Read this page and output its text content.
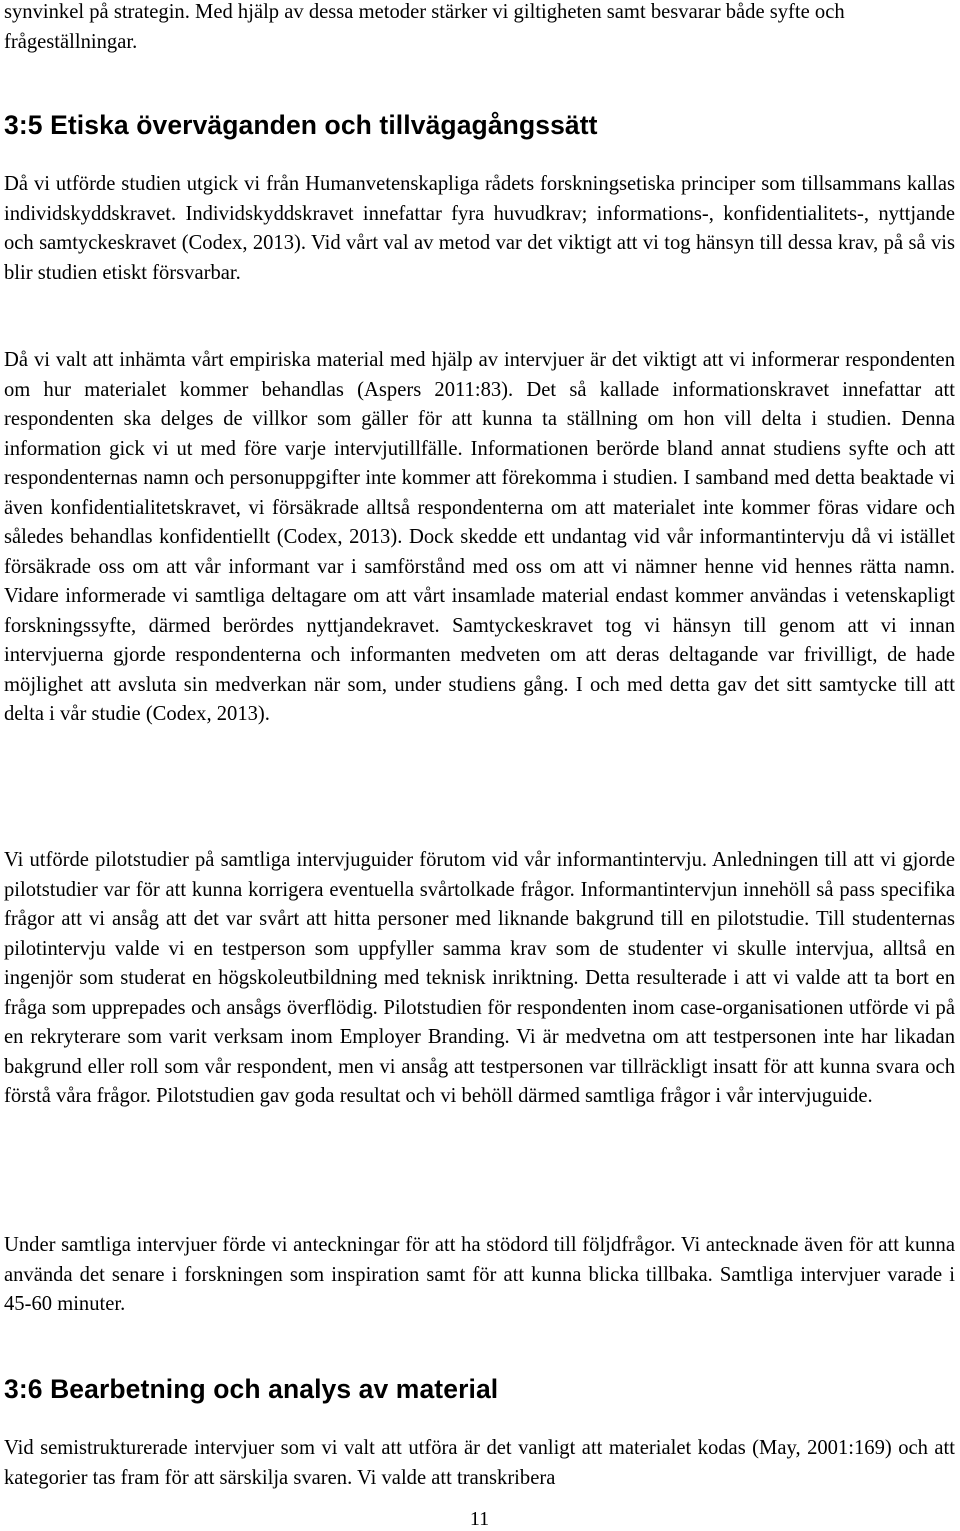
synvinkel på strategin. Med hjälp av dessa metoder stärker vi giltigheten samt besvarar både syfte och frågeställningar.

3:5 Etiska överväganden och tillvägagångssätt

Då vi utförde studien utgick vi från Humanvetenskapliga rådets forskningsetiska principer som tillsammans kallas individskyddskravet. Individskyddskravet innefattar fyra huvudkrav; informations-, konfidentialitets-, nyttjande och samtyckeskravet (Codex, 2013). Vid vårt val av metod var det viktigt att vi tog hänsyn till dessa krav, på så vis blir studien etiskt försvarbar.

Då vi valt att inhämta vårt empiriska material med hjälp av intervjuer är det viktigt att vi informerar respondenten om hur materialet kommer behandlas (Aspers 2011:83). Det så kallade informationskravet innefattar att respondenten ska delges de villkor som gäller för att kunna ta ställning om hon vill delta i studien. Denna information gick vi ut med före varje intervjutillfälle. Informationen berörde bland annat studiens syfte och att respondenternas namn och personuppgifter inte kommer att förekomma i studien. I samband med detta beaktade vi även konfidentialitetskravet, vi försäkrade alltså respondenterna om att materialet inte kommer föras vidare och således behandlas konfidentiellt (Codex, 2013). Dock skedde ett undantag vid vår informantintervju då vi istället försäkrade oss om att vår informant var i samförstånd med oss om att vi nämner henne vid hennes rätta namn. Vidare informerade vi samtliga deltagare om att vårt insamlade material endast kommer användas i vetenskapligt forskningssyfte, därmed berördes nyttjandekravet. Samtyckeskravet tog vi hänsyn till genom att vi innan intervjuerna gjorde respondenterna och informanten medveten om att deras deltagande var frivilligt, de hade möjlighet att avsluta sin medverkan när som, under studiens gång. I och med detta gav det sitt samtycke till att delta i vår studie (Codex, 2013).

Vi utförde pilotstudier på samtliga intervjuguider förutom vid vår informantintervju. Anledningen till att vi gjorde pilotstudier var för att kunna korrigera eventuella svårtolkade frågor. Informantintervjun innehöll så pass specifika frågor att vi ansåg att det var svårt att hitta personer med liknande bakgrund till en pilotstudie. Till studenternas pilotintervju valde vi en testperson som uppfyller samma krav som de studenter vi skulle intervjua, alltså en ingenjör som studerat en högskoleutbildning med teknisk inriktning. Detta resulterade i att vi valde att ta bort en fråga som upprepades och ansågs överflödig. Pilotstudien för respondenten inom case-organisationen utförde vi på en rekryterare som varit verksam inom Employer Branding. Vi är medvetna om att testpersonen inte har likadan bakgrund eller roll som vår respondent, men vi ansåg att testpersonen var tillräckligt insatt för att kunna svara och förstå våra frågor. Pilotstudien gav goda resultat och vi behöll därmed samtliga frågor i vår intervjuguide.

Under samtliga intervjuer förde vi anteckningar för att ha stödord till följdfrågor. Vi antecknade även för att kunna använda det senare i forskningen som inspiration samt för att kunna blicka tillbaka. Samtliga intervjuer varade i 45-60 minuter.

3:6 Bearbetning och analys av material

Vid semistrukturerade intervjuer som vi valt att utföra är det vanligt att materialet kodas (May, 2001:169) och att kategorier tas fram för att särskilja svaren. Vi valde att transkribera

11
